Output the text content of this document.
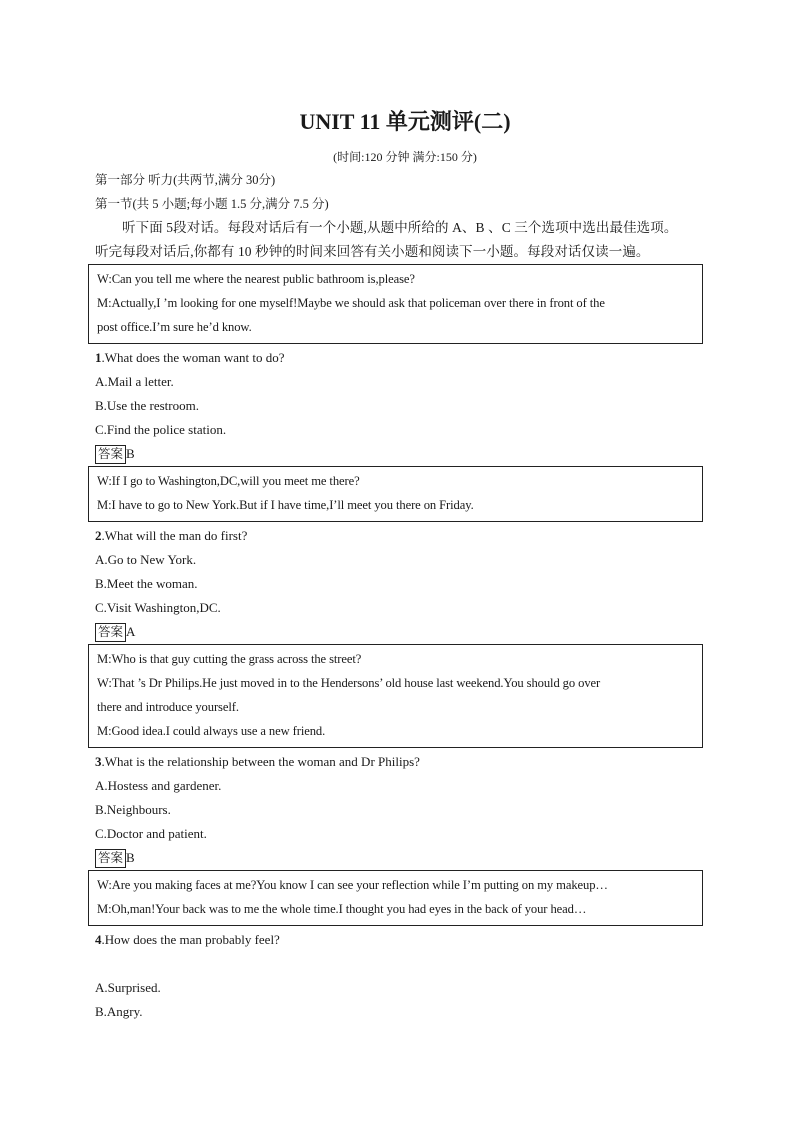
UNIT 11 单元测评(二)
(时间:120 分钟 满分:150 分)
第一部分 听力(共两节,满分 30分)
第一节(共 5 小题;每小题 1.5 分,满分 7.5 分)
听下面 5段对话。每段对话后有一个小题,从题中所给的 A、B 、C 三个选项中选出最佳选项。
听完每段对话后,你都有 10 秒钟的时间来回答有关小题和阅读下一小题。每段对话仅读一遍。
W:Can you tell me where the nearest public bathroom is,please?
M:Actually,I ’m looking for one myself!Maybe we should ask that policeman over there in front of the
post office.I’m sure he’d know.
1.What does the woman want to do?
A.Mail a letter.
B.Use the restroom.
C.Find the police station.
答案 B
W:If I go to Washington,DC,will you meet me there?
M:I have to go to New York.But if I have time,I’ll meet you there on Friday.
2.What will the man do first?
A.Go to New York.
B.Meet the woman.
C.Visit Washington,DC.
答案 A
M:Who is that guy cutting the grass across the street?
W:That ’s Dr Philips.He just moved in to the Hendersons’ old house last weekend.You should go over
there and introduce yourself.
M:Good idea.I could always use a new friend.
3.What is the relationship between the woman and Dr Philips?
A.Hostess and gardener.
B.Neighbours.
C.Doctor and patient.
答案 B
W:Are you making faces at me?You know I can see your reflection while I’m putting on my makeup…
M:Oh,man!Your back was to me the whole time.I thought you had eyes in the back of your head…
4.How does the man probably feel?
A.Surprised.
B.Angry.
